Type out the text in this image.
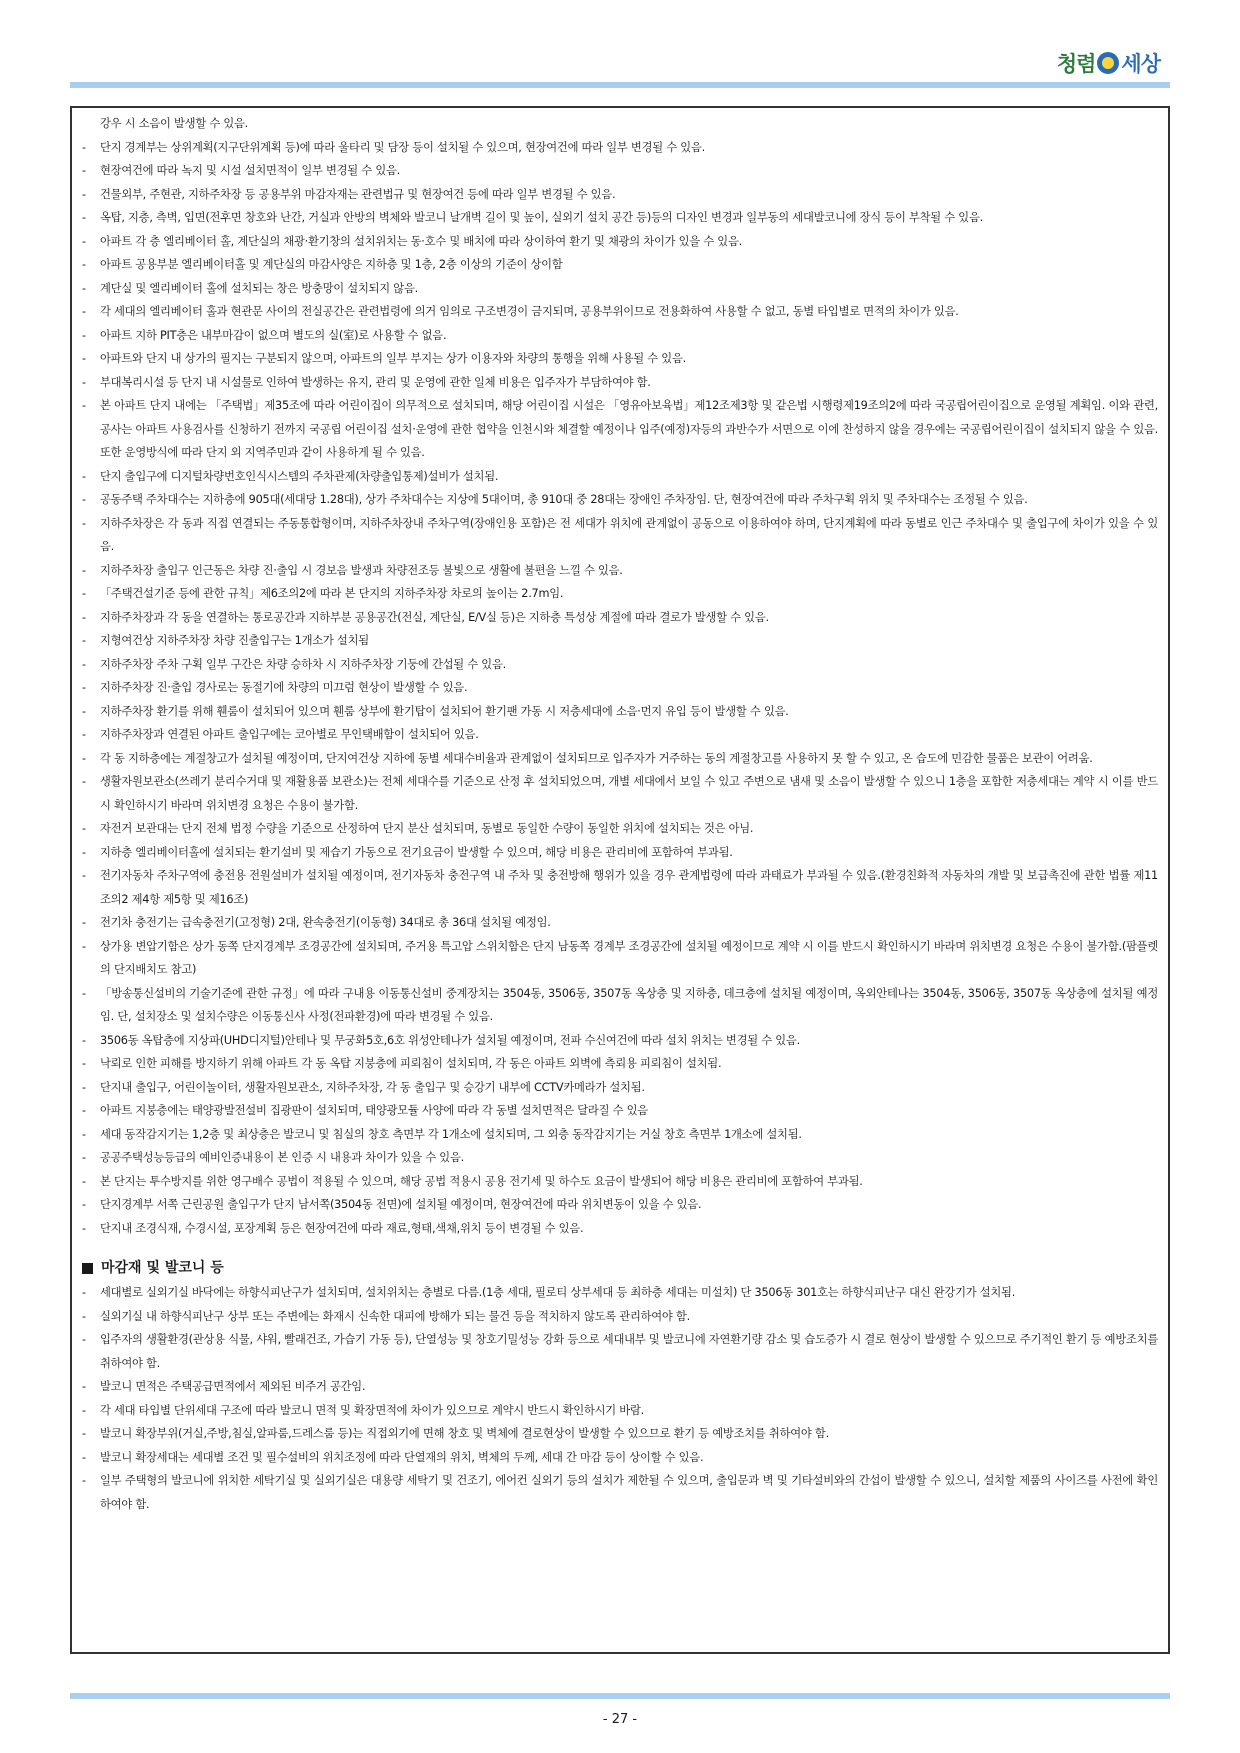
청렴 세상
강우 시 소음이 발생할 수 있음.
-	단지 경계부는 상위계획(지구단위계획 등)에 따라 울타리 및 담장 등이 설치될 수 있으며, 현장여건에 따라 일부 변경될 수 있음.
-	현장여건에 따라 녹지 및 시설 설치면적이 일부 변경될 수 있음.
-	건물외부, 주현관, 지하주차장 등 공용부위 마감자재는 관련법규 및 현장여건 등에 따라 일부 변경될 수 있음.
-	옥탑, 지층, 측벽, 입면(전후면 창호와 난간, 거실과 안방의 벽체와 발코니 날개벽 길이 및 높이, 실외기 설치 공간 등)등의 디자인 변경과 일부동의 세대발코니에 장식 등이 부착될 수 있음.
-	아파트 각 층 엘리베이터 홀, 계단실의 채광·환기창의 설치위치는 동·호수 및 배치에 따라 상이하여 환기 및 채광의 차이가 있을 수 있음.
-	아파트 공용부분 엘리베이터홀 및 계단실의 마감사양은 지하층 및 1층, 2층 이상의 기준이 상이함
-	계단실 및 엘리베이터 홀에 설치되는 창은 방충망이 설치되지 않음.
-	각 세대의 엘리베이터 홀과 현관문 사이의 전실공간은 관련법령에 의거 임의로 구조변경이 금지되며, 공용부위이므로 전용화하여 사용할 수 없고, 동별 타입별로 면적의 차이가 있음.
-	아파트 지하 PIT층은 내부마감이 없으며 별도의 실(室)로 사용할 수 없음.
-	아파트와 단지 내 상가의 필지는 구분되지 않으며, 아파트의 일부 부지는 상가 이용자와 차량의 통행을 위해 사용될 수 있음.
-	부대복리시설 등 단지 내 시설물로 인하여 발생하는 유지, 관리 및 운영에 관한 일체 비용은 입주자가 부담하여야 함.
-	본 아파트 단지 내에는 「주택법」제35조에 따라 어린이집이 의무적으로 설치되며, 해당 어린이집 시설은 「영유아보육법」제12조제3항 및 같은법 시행령제19조의2에 따라 국공립어린이집으로 운영될 계획임. 이와 관련, 공사는 아파트 사용검사를 신청하기 전까지 국공립 어린이집 설치·운영에 관한 협약을 인천시와 체결할 예정이나 입주(예정)자등의 과반수가 서면으로 이에 찬성하지 않을 경우에는 국공립어린이집이 설치되지 않을 수 있음. 또한 운영방식에 따라 단지 외 지역주민과 같이 사용하게 될 수 있음.
-	단지 출입구에 디지털차량번호인식시스템의 주차관제(차량출입통제)설비가 설치됨.
-	공동주택 주차대수는 지하층에 905대(세대당 1.28대), 상가 주차대수는 지상에 5대이며, 총 910대 중 28대는 장애인 주차장임. 단, 현장여건에 따라 주차구획 위치 및 주차대수는 조정될 수 있음.
-	지하주차장은 각 동과 직접 연결되는 주동통합형이며, 지하주차장내 주차구역(장애인용 포함)은 전 세대가 위치에 관계없이 공동으로 이용하여야 하며, 단지계획에 따라 동별로 인근 주차대수 및 출입구에 차이가 있을 수 있음.
-	지하주차장 출입구 인근동은 차량 진·출입 시 경보음 발생과 차량전조등 불빛으로 생활에 불편을 느낄 수 있음.
-	「주택건설기준 등에 관한 규칙」제6조의2에 따라 본 단지의 지하주차장 차로의 높이는 2.7m임.
-	지하주차장과 각 동을 연결하는 통로공간과 지하부분 공용공간(전실, 계단실, E/V실 등)은 지하층 특성상 계절에 따라 결로가 발생할 수 있음.
-	지형여건상 지하주차장 차량 진출입구는 1개소가 설치됨
-	지하주차장 주차 구획 일부 구간은 차량 승하차 시 지하주차장 기둥에 간섭될 수 있음.
-	지하주차장 진·출입 경사로는 동절기에 차량의 미끄럼 현상이 발생할 수 있음.
-	지하주차장 환기를 위해 휀룸이 설치되어 있으며 휀룸 상부에 환기탑이 설치되어 환기팬 가동 시 저층세대에 소음·먼지 유입 등이 발생할 수 있음.
-	지하주차장과 연결된 아파트 출입구에는 코아별로 무인택배함이 설치되어 있음.
-	각 동 지하층에는 계절창고가 설치될 예정이며, 단지여건상 지하에 동별 세대수비율과 관계없이 설치되므로 입주자가 거주하는 동의 계절창고를 사용하지 못 할 수 있고, 온 습도에 민감한 물품은 보관이 어려움.
-	생활자원보관소(쓰레기 분리수거대 및 재활용품 보관소)는 전체 세대수를 기준으로 산정 후 설치되었으며, 개별 세대에서 보일 수 있고 주변으로 냄새 및 소음이 발생할 수 있으니 1층을 포함한 저층세대는 계약 시 이를 반드시 확인하시기 바라며 위치변경 요청은 수용이 불가함.
-	자전거 보관대는 단지 전체 법정 수량을 기준으로 산정하여 단지 분산 설치되며, 동별로 동일한 수량이 동일한 위치에 설치되는 것은 아님.
-	지하층 엘리베이터홀에 설치되는 환기설비 및 제습기 가동으로 전기요금이 발생할 수 있으며, 해당 비용은 관리비에 포함하여 부과됨.
-	전기자동차 주차구역에 충전용 전원설비가 설치될 예정이며, 전기자동차 충전구역 내 주차 및 충전방해 행위가 있을 경우 관계법령에 따라 과태료가 부과될 수 있음.(환경친화적 자동차의 개발 및 보급촉진에 관한 법률 제11조의2 제4항 제5항 및 제16조)
-	전기차 충전기는 급속충전기(고정형) 2대, 완속충전기(이동형) 34대로 총 36대 설치될 예정임.
-	상가용 변압기함은 상가 동쪽 단지경계부 조경공간에 설치되며, 주거용 특고압 스위치함은 단지 남동쪽 경계부 조경공간에 설치될 예정이므로 계약 시 이를 반드시 확인하시기 바라며 위치변경 요청은 수용이 불가함.(팜플렛의 단지배치도 참고)
-	「방송통신설비의 기술기준에 관한 규정」에 따라 구내용 이동통신설비 중계장치는 3504동, 3506동, 3507동 옥상층 및 지하층, 데크층에 설치될 예정이며, 옥외안테나는 3504동, 3506동, 3507동 옥상층에 설치될 예정임. 단, 설치장소 및 설치수량은 이동통신사 사정(전파환경)에 따라 변경될 수 있음.
-	3506동 옥탑층에 지상파(UHD디지털)안테나 및 무궁화5호,6호 위성안테나가 설치될 예정이며, 전파 수신여건에 따라 설치 위치는 변경될 수 있음.
-	낙뢰로 인한 피해를 방지하기 위해 아파트 각 동 옥탑 지붕층에 피뢰침이 설치되며, 각 동은 아파트 외벽에 측뢰용 피뢰침이 설치됨.
-	단지내 출입구, 어린이놀이터, 생활자원보관소, 지하주차장, 각 동 출입구 및 승강기 내부에 CCTV카메라가 설치됨.
-	아파트 지붕층에는 태양광발전설비 집광판이 설치되며, 태양광모듈 사양에 따라 각 동별 설치면적은 달라질 수 있음
-	세대 동작감지기는 1,2층 및 최상층은 발코니 및 침실의 창호 측면부 각 1개소에 설치되며, 그 외층 동작감지기는 거실 창호 측면부 1개소에 설치됨.
-	공공주택성능등급의 예비인증내용이 본 인증 시 내용과 차이가 있을 수 있음.
-	본 단지는 투수방지를 위한 영구배수 공법이 적용될 수 있으며, 해당 공법 적용시 공용 전기세 및 하수도 요금이 발생되어 해당 비용은 관리비에 포함하여 부과됨.
-	단지경계부 서쪽 근린공원 출입구가 단지 남서쪽(3504동 전면)에 설치될 예정이며, 현장여건에 따라 위치변동이 있을 수 있음.
-	단지내 조경식재, 수경시설, 포장계획 등은 현장여건에 따라 재료,형태,색채,위치 등이 변경될 수 있음.
마감재 및 발코니 등
-	세대별로 실외기실 바닥에는 하향식피난구가 설치되며, 설치위치는 층별로 다름.(1층 세대, 필로티 상부세대 등 최하층 세대는 미설치) 단 3506동 301호는 하향식피난구 대신 완강기가 설치됨.
-	실외기실 내 하향식피난구 상부 또는 주변에는 화재시 신속한 대피에 방해가 되는 물건 등을 적치하지 않도록 관리하여야 함.
-	입주자의 생활환경(관상용 식물, 샤워, 빨래건조, 가습기 가동 등), 단열성능 및 창호기밀성능 강화 등으로 세대내부 및 발코니에 자연환기량 감소 및 습도증가 시 결로 현상이 발생할 수 있으므로 주기적인 환기 등 예방조치를 취하여야 함.
-	발코니 면적은 주택공급면적에서 제외된 비주거 공간임.
-	각 세대 타입별 단위세대 구조에 따라 발코니 면적 및 확장면적에 차이가 있으므로 계약시 반드시 확인하시기 바람.
-	발코니 확장부위(거실,주방,침실,알파룸,드레스룸 등)는 직접외기에 면해 창호 및 벽체에 결로현상이 발생할 수 있으므로 환기 등 예방조치를 취하여야 함.
-	발코니 확장세대는 세대별 조건 및 필수설비의 위치조정에 따라 단열재의 위치, 벽체의 두께, 세대 간 마감 등이 상이할 수 있음.
-	일부 주택형의 발코니에 위치한 세탁기실 및 실외기실은 대용량 세탁기 및 건조기, 에어컨 실외기 등의 설치가 제한될 수 있으며, 출입문과 벽 및 기타설비와의 간섭이 발생할 수 있으니, 설치할 제품의 사이즈를 사전에 확인하여야 함.
- 27 -
